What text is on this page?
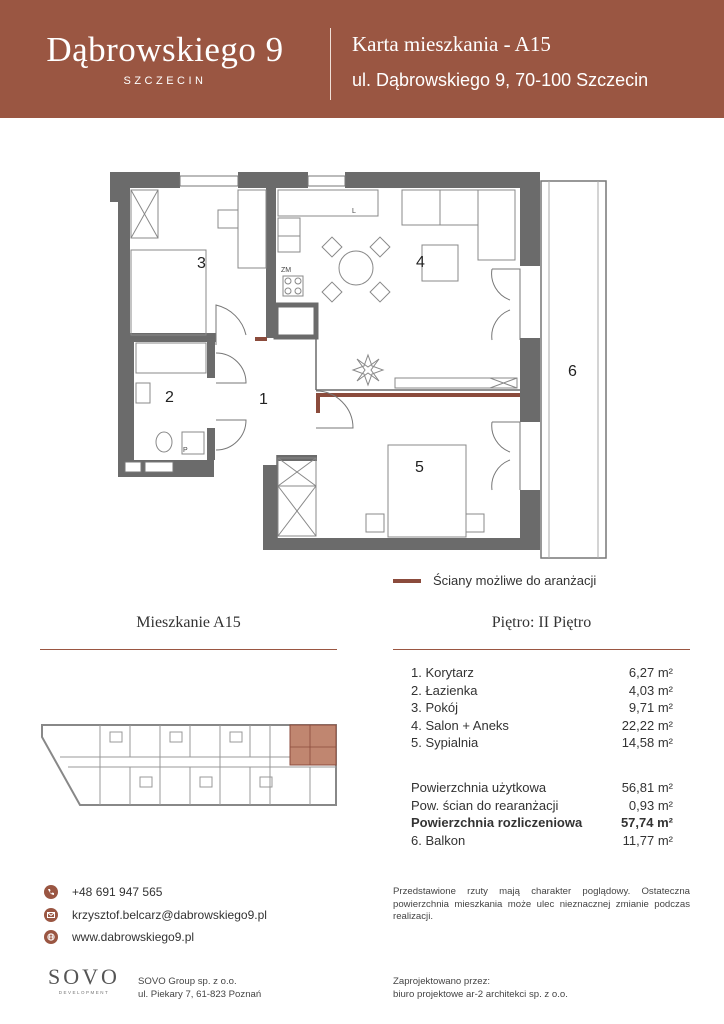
Dąbrowskiego 9
SZCZECIN
Karta mieszkania - A15
ul. Dąbrowskiego 9, 70-100 Szczecin
ZM
P
L
1
2
3	4
5
6
Ściany możliwe do aranżacji
Mieszkanie A15	Piętro: II Piętro
1. Korytarz	6,27 m²
2. Łazienka	4,03 m²
3. Pokój	9,71 m²
4. Salon + Aneks	22,22 m²
5. Sypialnia	14,58 m²
Powierzchnia użytkowa	56,81 m²
Pow. ścian do rearanżacji	0,93 m²
Powierzchnia rozliczeniowa	57,74 m²
6. Balkon	11,77 m²
+48 691 947 565
krzysztof.belcarz@dabrowskiego9.pl
www.dabrowskiego9.pl
Przedstawione rzuty mają charakter poglądowy. Ostateczna powierzchnia mieszkania może ulec nieznacznej zmianie podczas realizacji.
SOVO
DEVELOPMENT
SOVO Group sp. z o.o.
ul. Piekary 7, 61-823 Poznań
Zaprojektowano przez:
biuro projektowe ar-2 architekci sp. z o.o.
